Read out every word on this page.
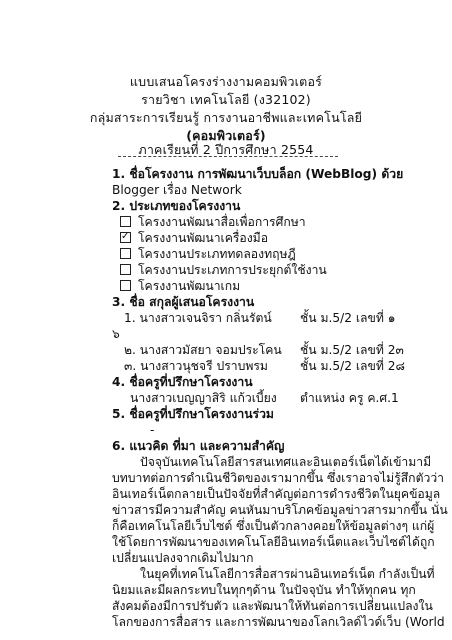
แบบเสนอโครงร่างงามคอมพิวเตอร์
รายวิชา เทคโนโลยี (ง32102)
กลุ่มสาระการเรียนรู้ การงานอาชีพและเทคโนโลยี
(คอมพิวเตอร์)
ภาคเรียนที่ 2 ปีการศึกษา 2554
1. ชื่อโครงงาน การพัฒนาเว็บบล็อก (WebBlog) ด้วย
Blogger เรื่อง Network
2. ประเภทของโครงงาน
โครงงานพัฒนาสื่อเพื่อการศึกษา
✓โครงงานพัฒนาเครื่องมือ
โครงงานประเภททดลองทฤษฎี
โครงงานประเภทการประยุกต์ใช้งาน
โครงงานพัฒนาเกม
3. ชื่อ สกุลผู้เสนอโครงงาน
1. นางสาวเจนจิรา กลิ่นรัตน์ ชั้น ม.5/2 เลขที่ ๑
๖
๒. นางสาวมัสยา จอมประโคน ชั้น ม.5/2 เลขที่ 2๓
๓. นางสาวนุชจรี ปราบพรม	ชั้น ม.5/2 เลขที่ 2๘
4. ชื่อครูที่ปรึกษาโครงงาน
นางสาวเบญญาสิริ แก้วเบี้ยง ตำแหน่ง ครู ค.ศ.1
5. ชื่อครูที่ปรึกษาโครงงานร่วม
-
6. แนวคิด ที่มา และความสำคัญ
ปัจจุบันเทคโนโลยีสารสนเทศและอินเตอร์เน็ตได้เข้ามามี
บทบาทต่อการดำเนินชีวิตของเรามากขึ้น ซึ่งเราอาจไม่รู้สึกตัวว่า
อินเทอร์เน็ตกลายเป็นปัจจัยที่สำคัญต่อการดำรงชีวิตในยุคข้อมูล
ข่าวสารมีความสำคัญ คนหันมาบริโภคข้อมูลข่าวสารมากขึ้น นั่น
ก็คือเทคโนโลยีเว็บไซต์ ซึ่งเป็นตัวกลางคอยให้ข้อมูลต่างๆ แก่ผู้
ใช้โดยการพัฒนาของเทคโนโลยีอินเทอร์เน็ตและเว็บไซต์ได้ถูก
เปลี่ยนแปลงจากเดิมไปมาก
ในยุคที่เทคโนโลยีการสื่อสารผ่านอินเทอร์เน็ต กำลังเป็นที่
นิยมและมีผลกระทบในทุกๆด้าน ในปัจจุบัน ทำให้ทุกคน ทุก
สังคมต้องมีการปรับตัว และพัฒนาให้ทันต่อการเปลี่ยนแปลงใน
โลกของการสื่อสาร และการพัฒนาของโลกเวิลด์ไวด์เว็บ (World
